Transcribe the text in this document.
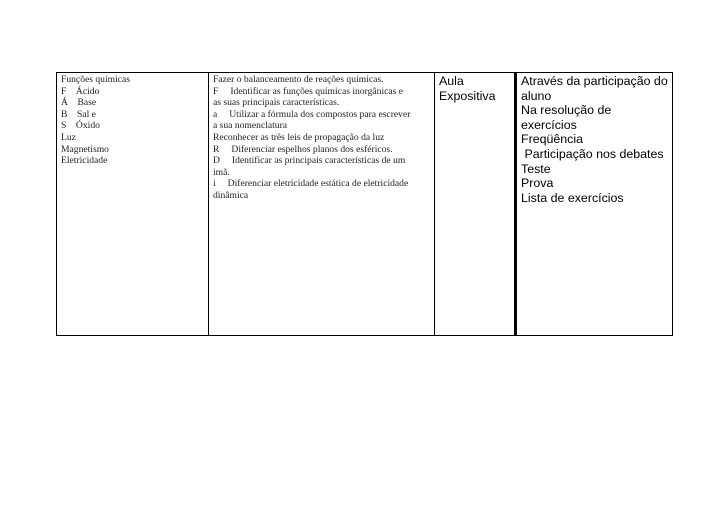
Funções químicas
F    Ácido
Á    Base
B    Sal e
S    Óxido
Luz
Magnetismo
Eletricidade

Fazer o balanceamento de reações químicas.
F     Identificar as funções químicas inorgânicas e
as suas principais características.
a     Utilizar a fórmula dos compostos para escrever
a sua nomenclatura
Reconhecer as três leis de propagação da luz
R     Diferenciar espelhos planos dos esféricos.
D     Identificar as principais características de um
imã.
i     Diferenciar eletricidade estática de eletricidade
dinâmica

Aula
Expositiva

Através da participação do
aluno
Na resolução de
exercícios
Freqüência
Participação nos debates
Teste
Prova
Lista de exercícios
